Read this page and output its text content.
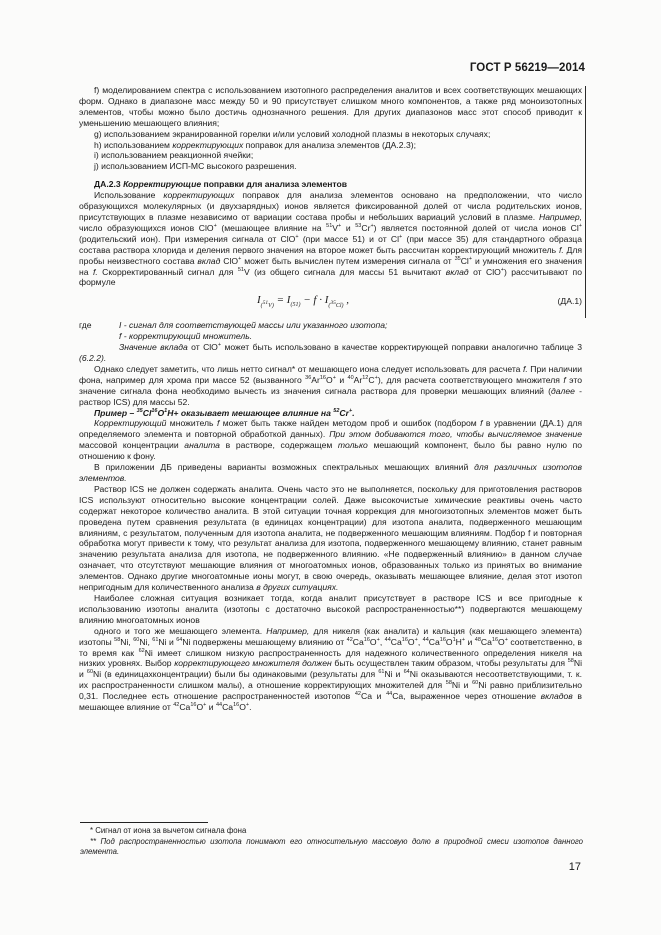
ГОСТ Р 56219—2014

f) моделированием спектра с использованием изотопного распределения аналитов и всех соответствующих мешающих форм. Однако в диапазоне масс между 50 и 90 присутствует слишком много компонентов, а также ряд моноизотопных элементов, чтобы можно было достичь однозначного решения. Для других диапазонов масс этот способ приводит к уменьшению мешающего влияния;

g) использованием экранированной горелки и/или условий холодной плазмы в некоторых случаях;

h) использованием корректирующих поправок для анализа элементов (ДА.2.3);

i) использованием реакционной ячейки;

j) использованием ИСП-МС высокого разрешения.

ДА.2.3 Корректирующие поправки для анализа элементов

Использование корректирующих поправок для анализа элементов основано на предположении, что число образующихся молекулярных (и двухзарядных) ионов является фиксированной долей от числа родительских ионов, присутствующих в плазме независимо от вариации состава пробы и небольших вариаций условий в плазме. Например, число образующихся ионов ClO+ (мешающее влияние на $^{51}$V+ и $^{53}$Cr+) является постоянной долей от числа ионов Cl+ (родительский ион). При измерения сигнала от ClO+ (при массе 51) и от Cl+ (при массе 35) для стандартного образца состава раствора хлорида и деления первого значения на второе может быть рассчитан корректирующий множитель f. Для пробы неизвестного состава вклад ClO+ может быть вычислен путем измерения сигнала от $^{35}$Cl+ и умножения его значения на f. Скорректированный сигнал для $^{51}$V (из общего сигнала для массы 51 вычитают вклад от ClO+) рассчитывают по формуле

$I_{(^{51}V)} = I_{(51)} - f \cdot I_{(^{35}Cl)}$ ,	(ДА.1)
где	I - сигнал для соответствующей массы или указанного изотопа;

f - корректирующий множитель.

Значение вклада от ClO+ может быть использовано в качестве корректирующей поправки аналогично таблице 3 (6.2.2).

Однако следует заметить, что лишь нетто сигнал* от мешающего иона следует использовать для расчета f. При наличии фона, например для хрома при массе 52 (вызванного $^{36}$Ar$^{16}$O+ и $^{40}$Ar$^{12}$C+), для расчета соответствующего множителя f это значение сигнала фона необходимо вычесть из значения сигнала раствора для проверки мешающих влияний (далее - раствор ICS) для массы 52.

Пример – $^{35}Cl^{16}O^1H+$ оказывает мешающее влияние на $^{52}$Cr+.

Корректирующий множитель f может быть также найден методом проб и ошибок (подбором f в уравнении (ДА.1) для определяемого элемента и повторной обработкой данных). При этом добиваются того, чтобы вычисляемое значение массовой концентрации аналита в растворе, содержащем только мешающий компонент, было бы равно нулю по отношению к фону.

В приложении ДБ приведены варианты возможных спектральных мешающих влияний для различных изотопов элементов.

Раствор ICS не должен содержать аналита. Очень часто это не выполняется, поскольку для приготовления растворов ICS используют относительно высокие концентрации солей. Даже высокочистые химические реактивы очень часто содержат некоторое количество аналита. В этой ситуации точная коррекция для многоизотопных элементов может быть проведена путем сравнения результата (в единицах концентрации) для изотопа аналита, подверженного мешающим влияниям, с результатом, полученным для изотопа аналита, не подверженного мешающим влияниям. Подбор f и повторная обработка могут привести к тому, что результат анализа для изотопа, подверженного мешающему влиянию, станет равным значению результата анализа для изотопа, не подверженного влиянию. «Не подверженный влиянию» в данном случае означает, что отсутствуют мешающие влияния от многоатомных ионов, образованных только из принятых во внимание элементов. Однако другие многоатомные ионы могут, в свою очередь, оказывать мешающее влияние, делая этот изотоп непригодным для количественного анализа в других ситуациях.

Наиболее сложная ситуация возникает тогда, когда аналит присутствует в растворе ICS и все пригодные к использованию изотопы аналита (изотопы с достаточно высокой распространенностью**) подвергаются мешающему влиянию многоатомных ионов

одного и того же мешающего элемента. Например, для никеля (как аналита) и кальция (как мешающего элемента) изотопы $^{58}$Ni, $^{60}$Ni, $^{61}$Ni и $^{64}$Ni подвержены мешающему влиянию от $^{42}$Ca$^{16}$O+, $^{44}$Ca$^{16}$O+, $^{44}Ca^{16}O^1H^+$ и $^{48}$Ca$^{16}$O+ соответственно, в то время как $^{62}$Ni имеет слишком низкую распространенность для надежного количественного определения никеля на низких уровнях. Выбор корректирующего множителя должен быть осуществлен таким образом, чтобы результаты для $^{58}$Ni и $^{60}$Ni (в единицахконцентрации) были бы одинаковыми (результаты для $^{61}$Ni и $^{64}$Ni оказываются несоответствующими, т. к. их распространенности слишком малы), а отношение корректирующих множителей для $^{58}$Ni и $^{60}$Ni равно приблизительно 0,31. Последнее есть отношение распространенностей изотопов $^{42}$Ca и $^{44}$Ca, выраженное через отношение вкладов в мешающее влияние от $^{42}$Ca$^{16}$O+ и $^{44}$Ca$^{16}$O+.

* Сигнал от иона за вычетом сигнала фона
** Под распространенностью изотопа понимают его относительную массовую долю в природной смеси изотопов данного элемента.
17
